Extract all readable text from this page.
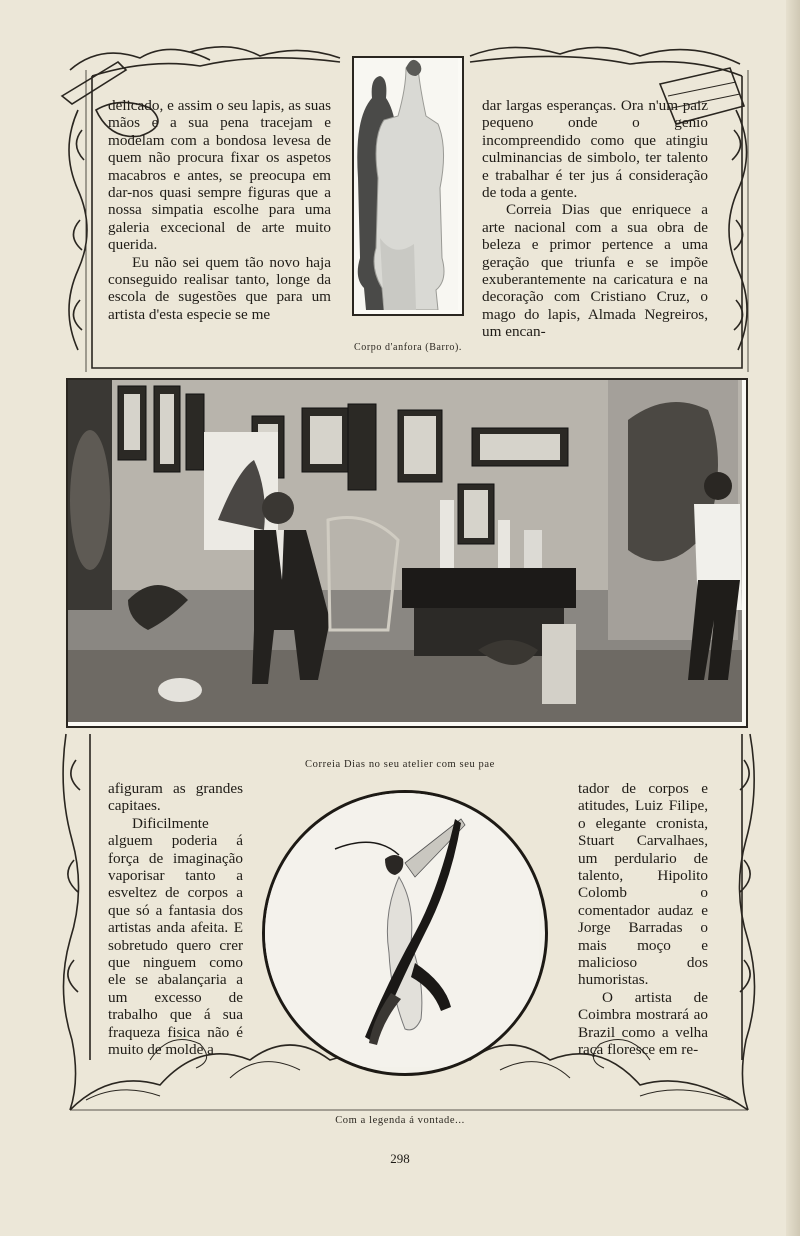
delicado, e assim o seu lapis, as suas mãos e a sua pena tracejam e modelam com a bondosa levesa de quem não procura fixar os aspetos macabros e antes, se preocupa em dar-nos quasi sempre figuras que a nossa simpatia escolhe para uma galeria excecional de arte muito querida.

Eu não sei quem tão novo haja conseguido realisar tanto, longe da escola de sugestões que para um artista d'esta especie se me

Corpo d'anfora (Barro).

dar largas esperanças. Ora n'um paiz pequeno onde o genio incompreendido como que atingiu culminancias de simbolo, ter talento e trabalhar é ter jus á consideração de toda a gente.

Correia Dias que enriquece a arte nacional com a sua obra de beleza e primor pertence a uma geração que triunfa e se impõe exuberantemente na caricatura e na decoração com Cristiano Cruz, o mago do lapis, Almada Negreiros, um encan-

Correia Dias no seu atelier com seu pae

afiguram as grandes capitaes.

Dificilmente alguem poderia á força de imaginação vaporisar tanto a esveltez de corpos a que só a fantasia dos artistas anda afeita. E sobretudo quero crer que ninguem como ele se abalançaria a um excesso de trabalho que á sua fraqueza fisica não é muito de molde a

Com a legenda á vontade...

tador de corpos e atitudes, Luiz Filipe, o elegante cronista, Stuart Carvalhaes, um perdulario de talento, Hipolito Colomb o comentador audaz e Jorge Barradas o mais moço e malicioso dos humoristas.

O artista de Coimbra mostrará ao Brazil como a velha raça floresce em re-

298
